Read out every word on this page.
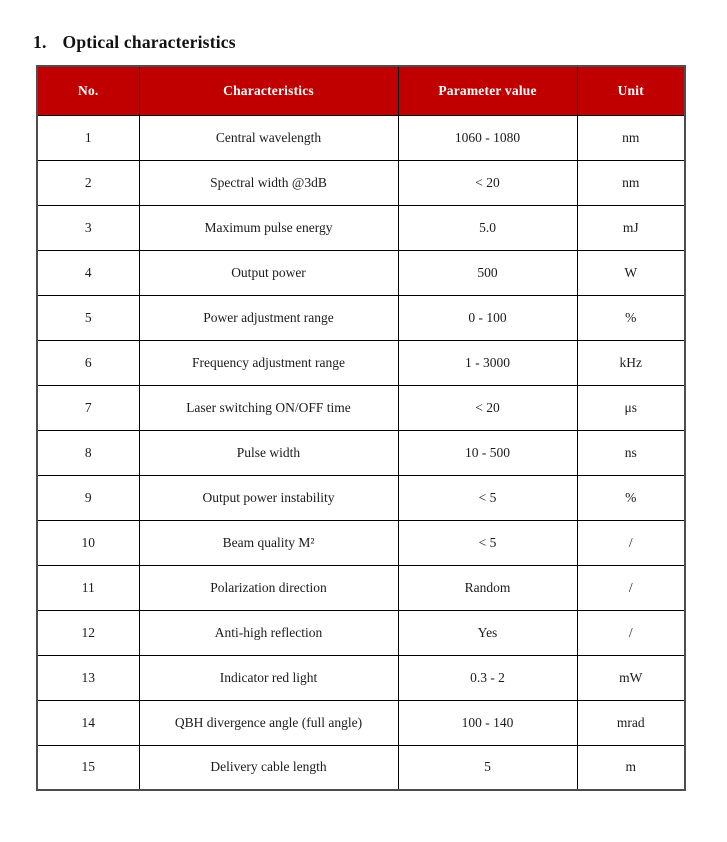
1. Optical characteristics
No.	Characteristics	Parameter value	Unit
1	Central wavelength	1060 - 1080	nm
2	Spectral width @3dB	< 20	nm
3	Maximum pulse energy	5.0	mJ
4	Output power	500	W
5	Power adjustment range	0 - 100	%
6	Frequency adjustment range	1 - 3000	kHz
7	Laser switching ON/OFF time	< 20	μs
8	Pulse width	10 - 500	ns
9	Output power instability	< 5	%
10	Beam quality M²	< 5	/
11	Polarization direction	Random	/
12	Anti-high reflection	Yes	/
13	Indicator red light	0.3 - 2	mW
14	QBH divergence angle (full angle)	100 - 140	mrad
15	Delivery cable length	5	m
